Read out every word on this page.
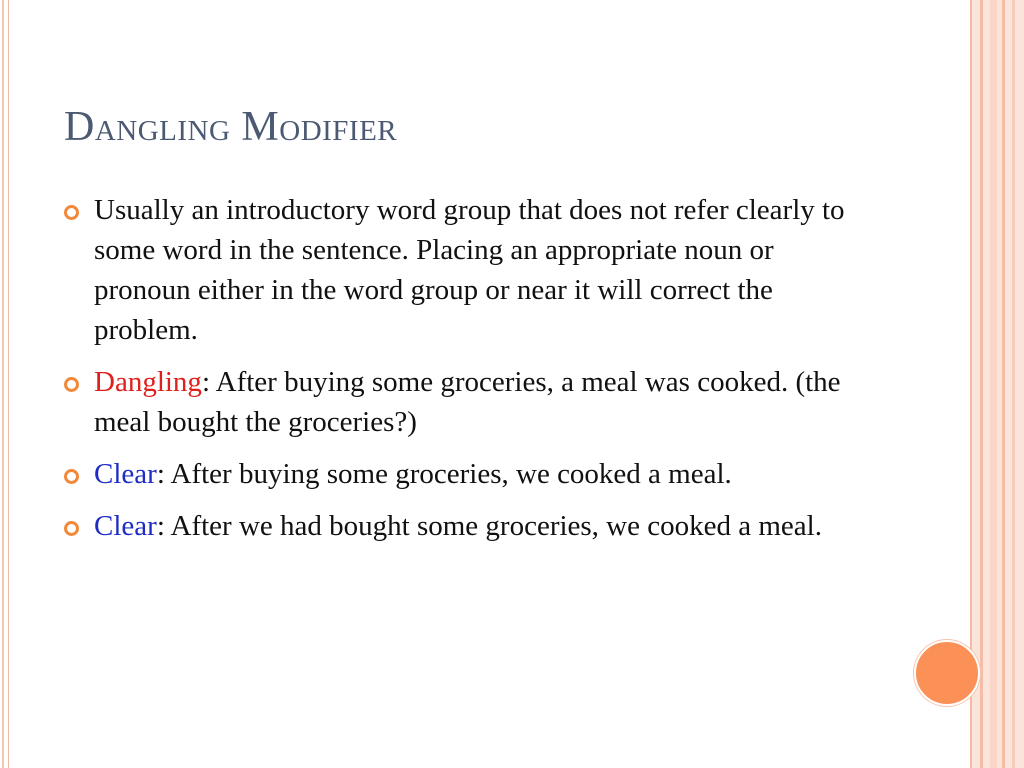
Dangling Modifier
Usually an introductory word group that does not refer clearly to some word in the sentence. Placing an appropriate noun or pronoun either in the word group or near it will correct the problem.
Dangling: After buying some groceries, a meal was cooked. (the meal bought the groceries?)
Clear: After buying some groceries, we cooked a meal.
Clear: After we had bought some groceries, we cooked a meal.
